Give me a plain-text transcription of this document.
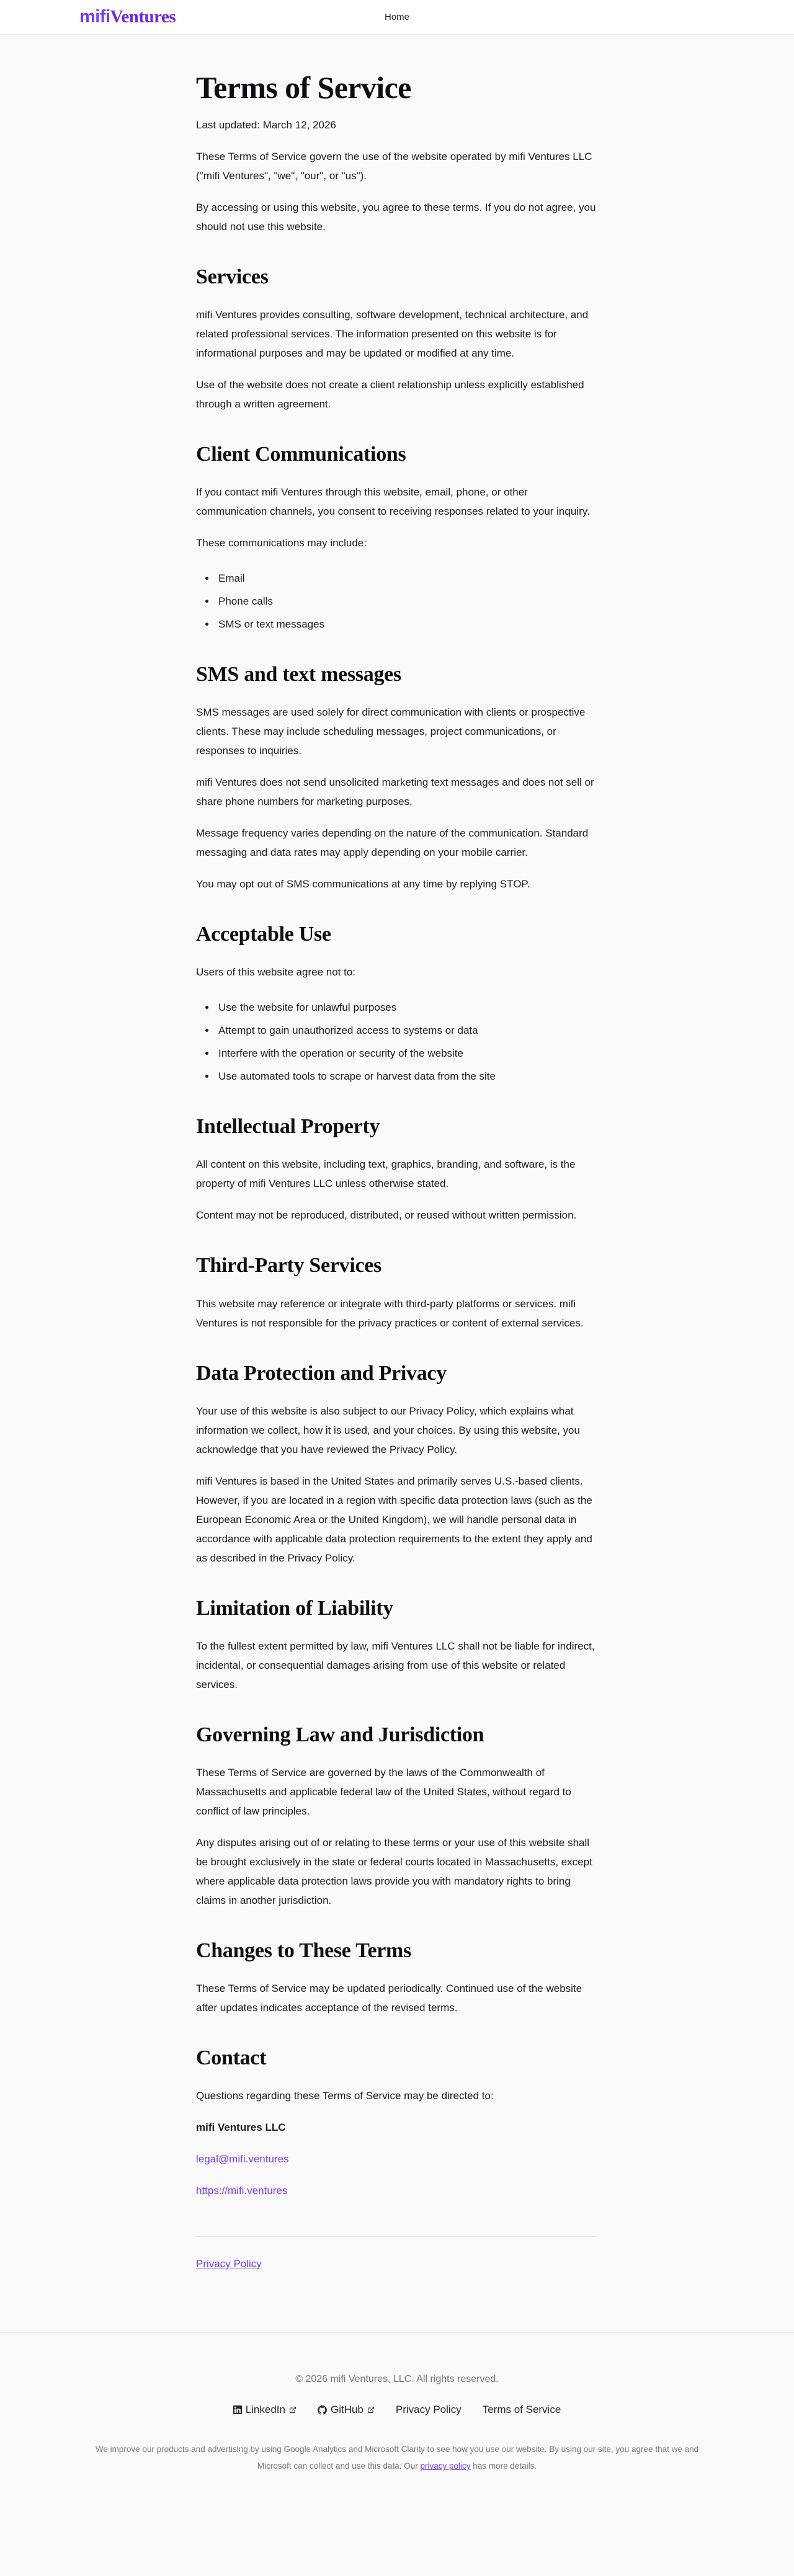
mifiVentures	Home
Terms of Service

Last updated: March 12, 2026

These Terms of Service govern the use of the website operated by mifi Ventures LLC ("mifi Ventures", "we", "our", or "us").

By accessing or using this website, you agree to these terms. If you do not agree, you should not use this website.

Services

mifi Ventures provides consulting, software development, technical architecture, and related professional services. The information presented on this website is for informational purposes and may be updated or modified at any time.

Use of the website does not create a client relationship unless explicitly established through a written agreement.

Client Communications

If you contact mifi Ventures through this website, email, phone, or other communication channels, you consent to receiving responses related to your inquiry.

These communications may include:

• Email
• Phone calls
• SMS or text messages
SMS and text messages

SMS messages are used solely for direct communication with clients or prospective clients. These may include scheduling messages, project communications, or responses to inquiries.

mifi Ventures does not send unsolicited marketing text messages and does not sell or share phone numbers for marketing purposes.

Message frequency varies depending on the nature of the communication. Standard messaging and data rates may apply depending on your mobile carrier.

You may opt out of SMS communications at any time by replying STOP.

Acceptable Use

Users of this website agree not to:

• Use the website for unlawful purposes
• Attempt to gain unauthorized access to systems or data
• Interfere with the operation or security of the website
• Use automated tools to scrape or harvest data from the site
Intellectual Property

All content on this website, including text, graphics, branding, and software, is the property of mifi Ventures LLC unless otherwise stated.

Content may not be reproduced, distributed, or reused without written permission.

Third-Party Services

This website may reference or integrate with third-party platforms or services. mifi Ventures is not responsible for the privacy practices or content of external services.

Data Protection and Privacy

Your use of this website is also subject to our Privacy Policy, which explains what information we collect, how it is used, and your choices. By using this website, you acknowledge that you have reviewed the Privacy Policy.

mifi Ventures is based in the United States and primarily serves U.S.-based clients. However, if you are located in a region with specific data protection laws (such as the European Economic Area or the United Kingdom), we will handle personal data in accordance with applicable data protection requirements to the extent they apply and as described in the Privacy Policy.

Limitation of Liability

To the fullest extent permitted by law, mifi Ventures LLC shall not be liable for indirect, incidental, or consequential damages arising from use of this website or related services.

Governing Law and Jurisdiction

These Terms of Service are governed by the laws of the Commonwealth of Massachusetts and applicable federal law of the United States, without regard to conflict of law principles.

Any disputes arising out of or relating to these terms or your use of this website shall be brought exclusively in the state or federal courts located in Massachusetts, except where applicable data protection laws provide you with mandatory rights to bring claims in another jurisdiction.

Changes to These Terms

These Terms of Service may be updated periodically. Continued use of the website after updates indicates acceptance of the revised terms.

Contact

Questions regarding these Terms of Service may be directed to:

mifi Ventures LLC

legal@mifi.ventures

https://mifi.ventures

Privacy Policy

© 2026 mifi Ventures, LLC. All rights reserved.

LinkedIn	GitHub	Privacy Policy Terms of Service

We improve our products and advertising by using Google Analytics and Microsoft Clarity to see how you use our website. By using our site, you agree that we and Microsoft can collect and use this data. Our privacy policy has more details.
